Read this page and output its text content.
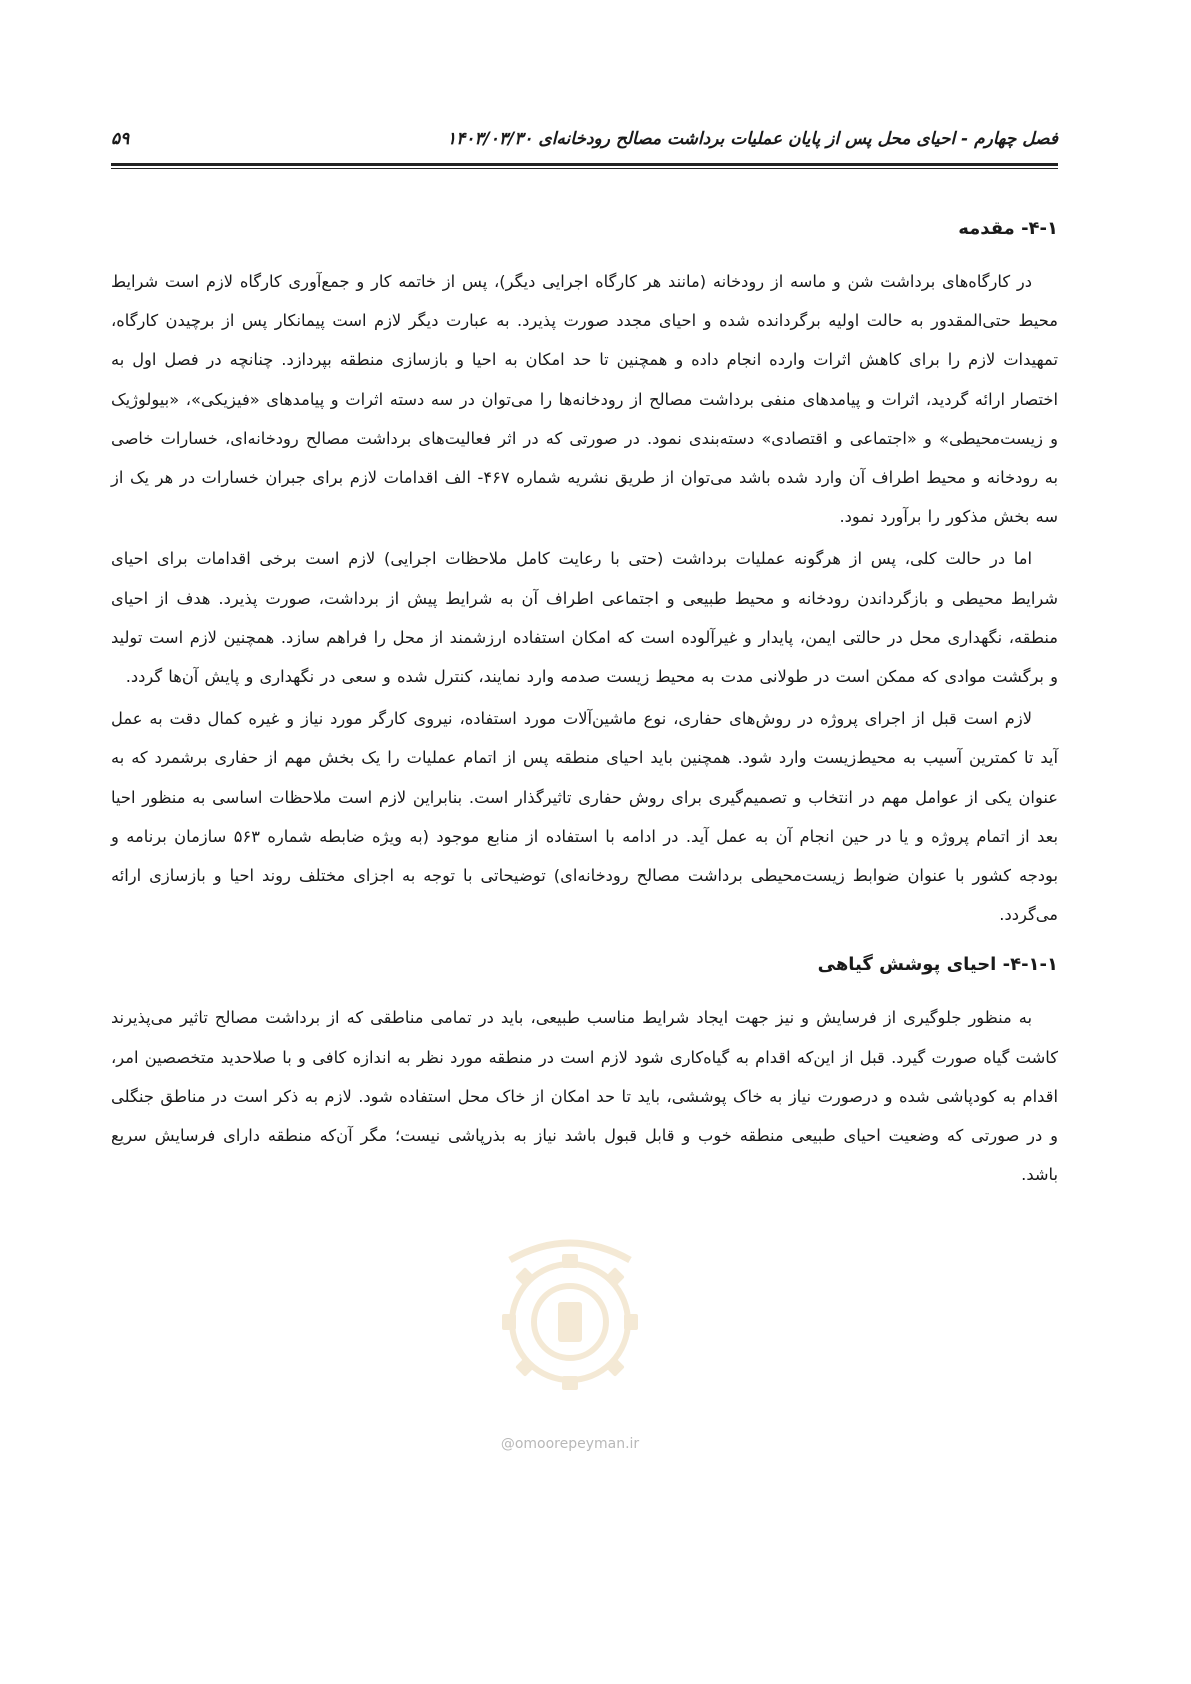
فصل چهارم - احیای محل پس از پایان عملیات برداشت مصالح رودخانه‌ای ۱۴۰۳/۰۳/۳۰
۵۹
۴-۱- مقدمه

در کارگاه‌های برداشت شن و ماسه از رودخانه (مانند هر کارگاه اجرایی دیگر)، پس از خاتمه کار و جمع‌آوری کارگاه لازم است شرایط محیط حتی‌المقدور به حالت اولیه برگردانده شده و احیای مجدد صورت پذیرد. به عبارت دیگر لازم است پیمانکار پس از برچیدن کارگاه، تمهیدات لازم را برای کاهش اثرات وارده انجام داده و همچنین تا حد امکان به احیا و بازسازی منطقه بپردازد. چنانچه در فصل اول به اختصار ارائه گردید، اثرات و پیامدهای منفی برداشت مصالح از رودخانه‌ها را می‌توان در سه دسته اثرات و پیامدهای «فیزیکی»، «بیولوژیک و زیست‌محیطی» و «اجتماعی و اقتصادی» دسته‌بندی نمود. در صورتی که در اثر فعالیت‌های برداشت مصالح رودخانه‌ای، خسارات خاصی به رودخانه و محیط اطراف آن وارد شده باشد می‌توان از طریق نشریه شماره ۴۶۷- الف اقدامات لازم برای جبران خسارات در هر یک از سه بخش مذکور را برآورد نمود.

اما در حالت کلی، پس از هرگونه عملیات برداشت (حتی با رعایت کامل ملاحظات اجرایی) لازم است برخی اقدامات برای احیای شرایط محیطی و بازگرداندن رودخانه و محیط طبیعی و اجتماعی اطراف آن به شرایط پیش از برداشت، صورت پذیرد. هدف از احیای منطقه، نگهداری محل در حالتی ایمن، پایدار و غیرآلوده است که امکان استفاده ارزشمند از محل را فراهم سازد. همچنین لازم است تولید و برگشت موادی که ممکن است در طولانی مدت به محیط زیست صدمه وارد نمایند، کنترل شده و سعی در نگهداری و پایش آن‌ها گردد.

لازم است قبل از اجرای پروژه در روش‌های حفاری، نوع ماشین‌آلات مورد استفاده، نیروی کارگر مورد نیاز و غیره کمال دقت به عمل آید تا کمترین آسیب به محیط‌زیست وارد شود. همچنین باید احیای منطقه پس از اتمام عملیات را یک بخش مهم از حفاری برشمرد که به عنوان یکی از عوامل مهم در انتخاب و تصمیم‌گیری برای روش حفاری تاثیرگذار است. بنابراین لازم است ملاحظات اساسی به منظور احیا بعد از اتمام پروژه و یا در حین انجام آن به عمل آید. در ادامه با استفاده از منابع موجود (به ویژه ضابطه شماره ۵۶۳ سازمان برنامه و بودجه کشور با عنوان ضوابط زیست‌محیطی برداشت مصالح رودخانه‌ای) توضیحاتی با توجه به اجزای مختلف روند احیا و بازسازی ارائه می‌گردد.

۴-۱-۱- احیای پوشش گیاهی

به منظور جلوگیری از فرسایش و نیز جهت ایجاد شرایط مناسب طبیعی، باید در تمامی مناطقی که از برداشت مصالح تاثیر می‌پذیرند کاشت گیاه صورت گیرد. قبل از این‌که اقدام به گیاه‌کاری شود لازم است در منطقه مورد نظر به اندازه کافی و با صلاحدید متخصصین امر، اقدام به کودپاشی شده و درصورت نیاز به خاک پوششی، باید تا حد امکان از خاک محل استفاده شود. لازم به ذکر است در مناطق جنگلی و در صورتی که وضعیت احیای طبیعی منطقه خوب و قابل قبول باشد نیاز به بذرپاشی نیست؛ مگر آن‌که منطقه دارای فرسایش سریع باشد.

@omoorepeyman.ir
